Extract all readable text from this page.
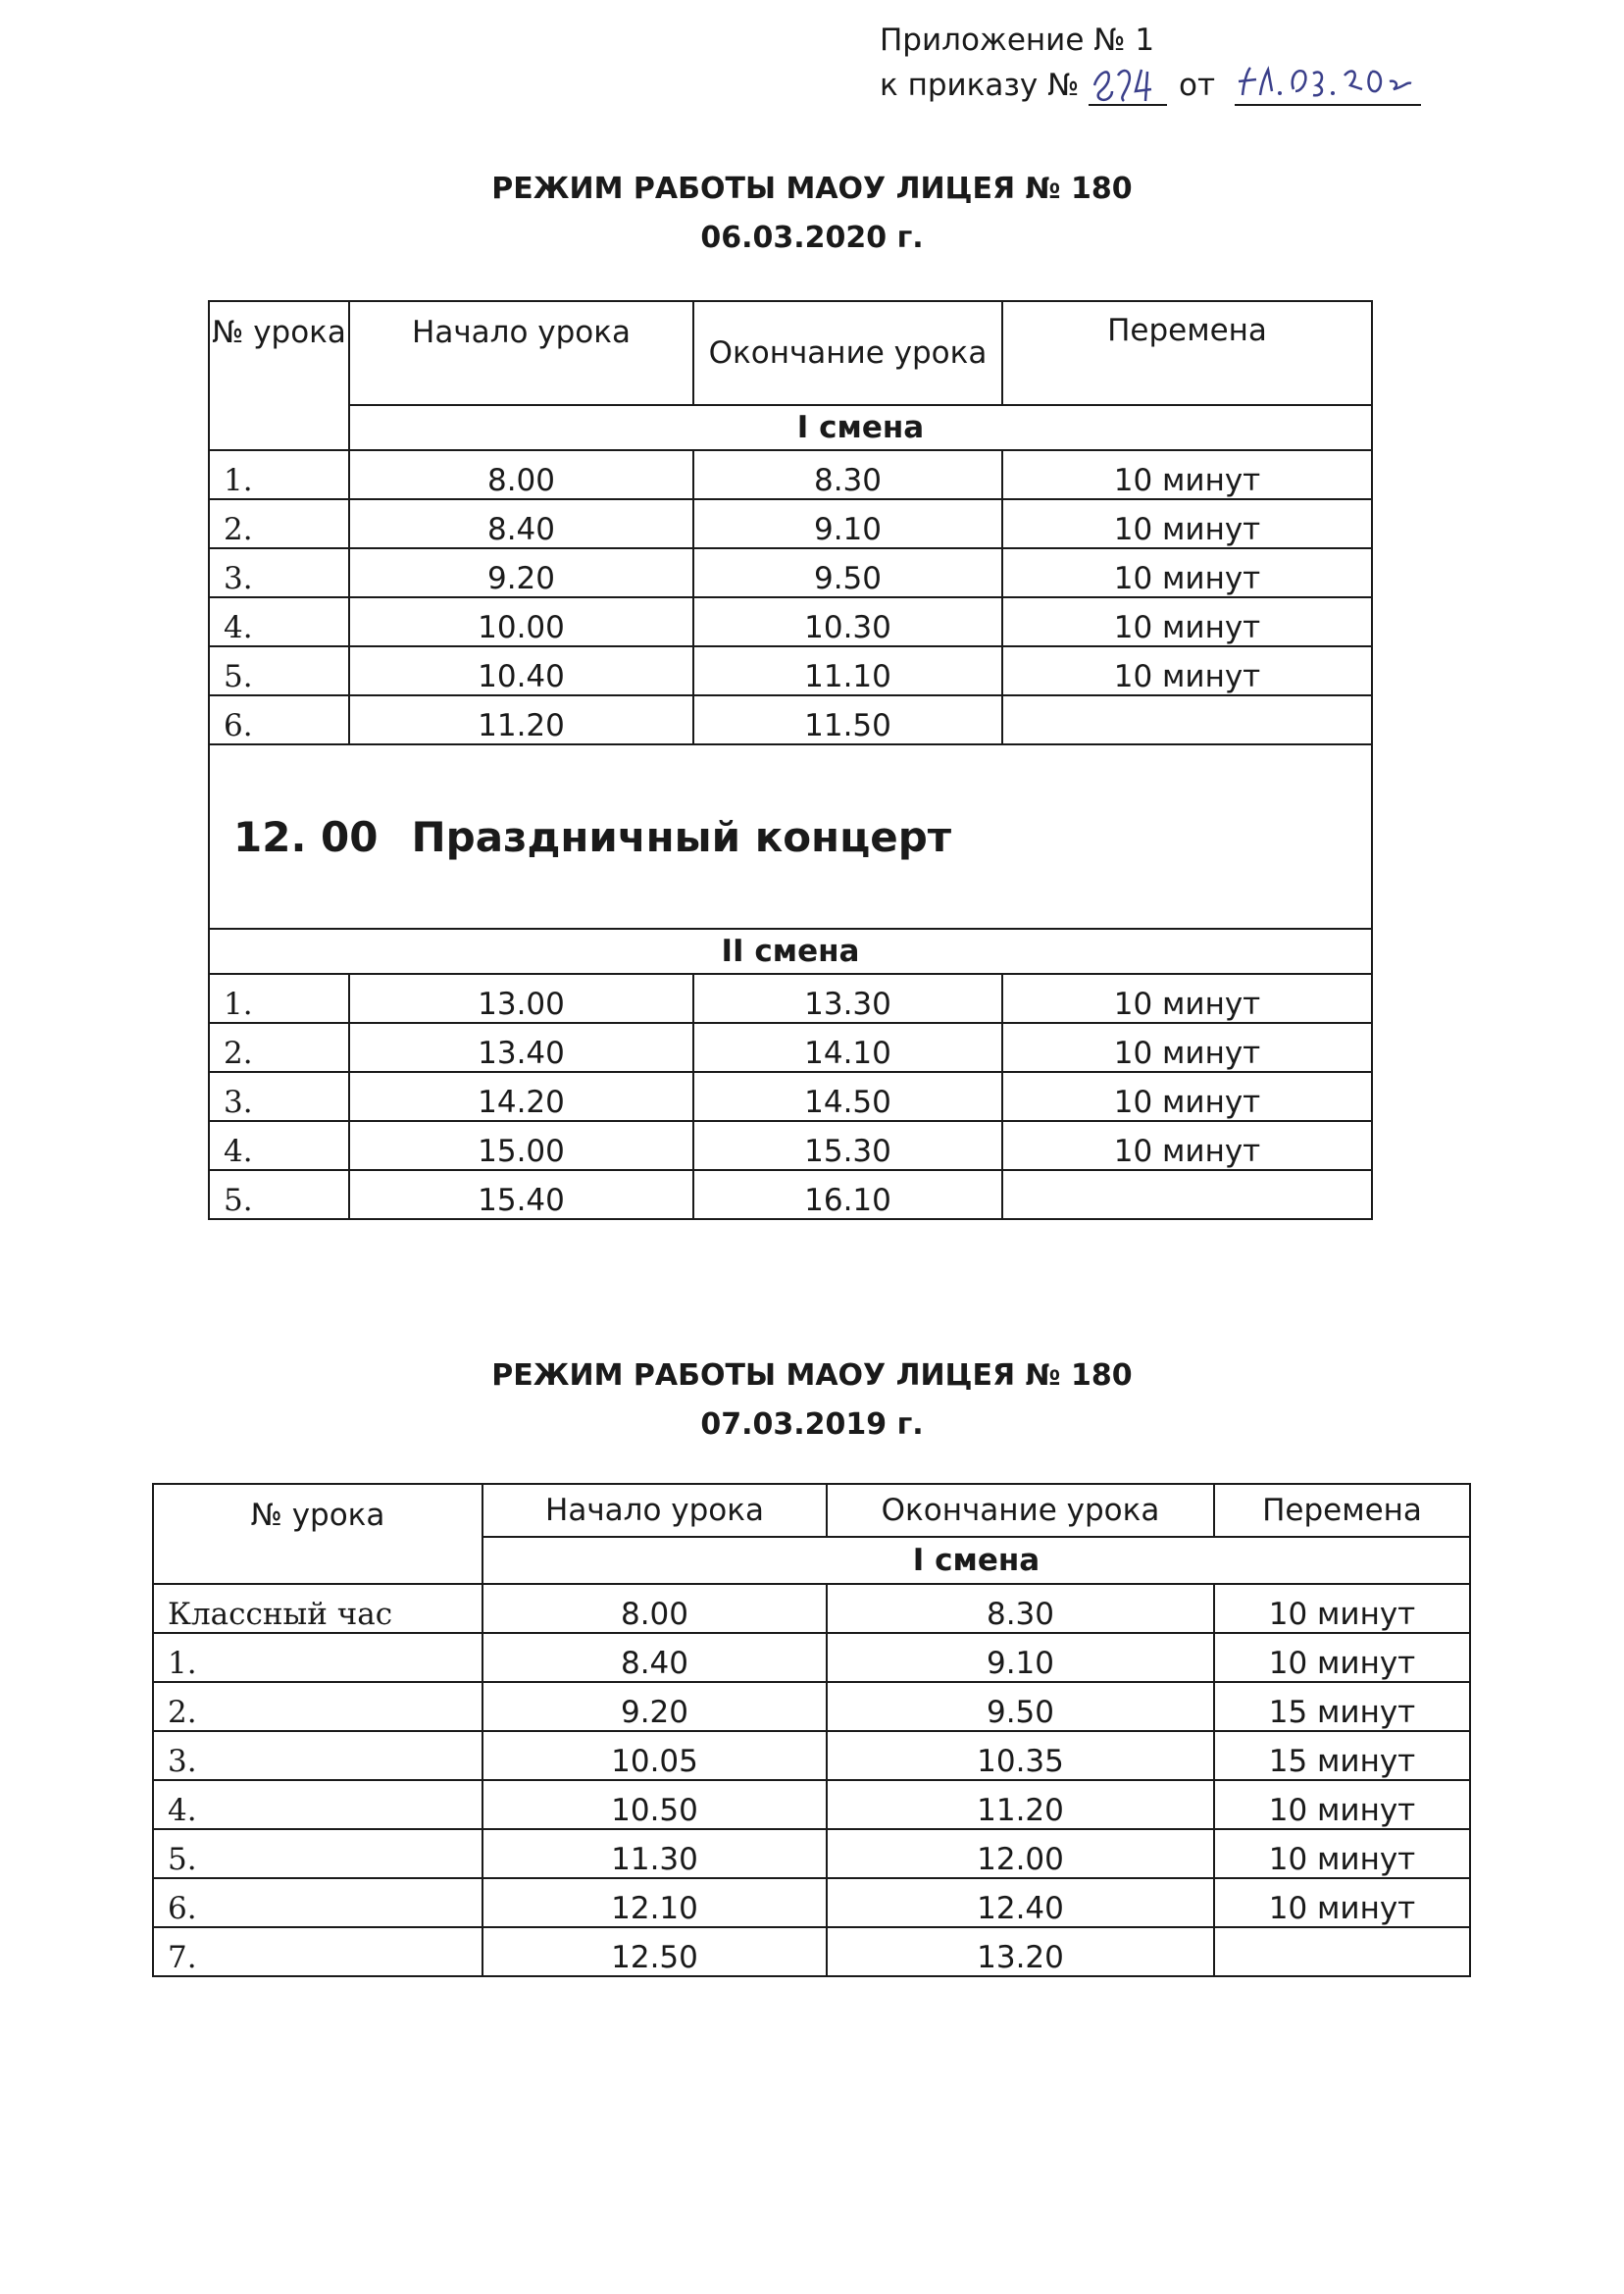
Приложение № 1
к приказу №	от
РЕЖИМ РАБОТЫ МАОУ ЛИЦЕЯ № 180
06.03.2020 г.
№ урока	Начало урока	Окончание урока	Перемена
	I смена		
1.	8.00	8.30	10 минут
2.	8.40	9.10	10 минут
3.	9.20	9.50	10 минут
4.	10.00	10.30	10 минут
5.	10.40	11.10	10 минут
6.	11.20	11.50	
12. 00 Праздничный концерт			
II смена			
1.	13.00	13.30	10 минут
2.	13.40	14.10	10 минут
3.	14.20	14.50	10 минут
4.	15.00	15.30	10 минут
5.	15.40	16.10	
РЕЖИМ РАБОТЫ МАОУ ЛИЦЕЯ № 180
07.03.2019 г.
№ урока	Начало урока	Окончание урока	Перемена
	I смена		
Классный час	8.00	8.30	10 минут
1.	8.40	9.10	10 минут
2.	9.20	9.50	15 минут
3.	10.05	10.35	15 минут
4.	10.50	11.20	10 минут
5.	11.30	12.00	10 минут
6.	12.10	12.40	10 минут
7.	12.50	13.20	
